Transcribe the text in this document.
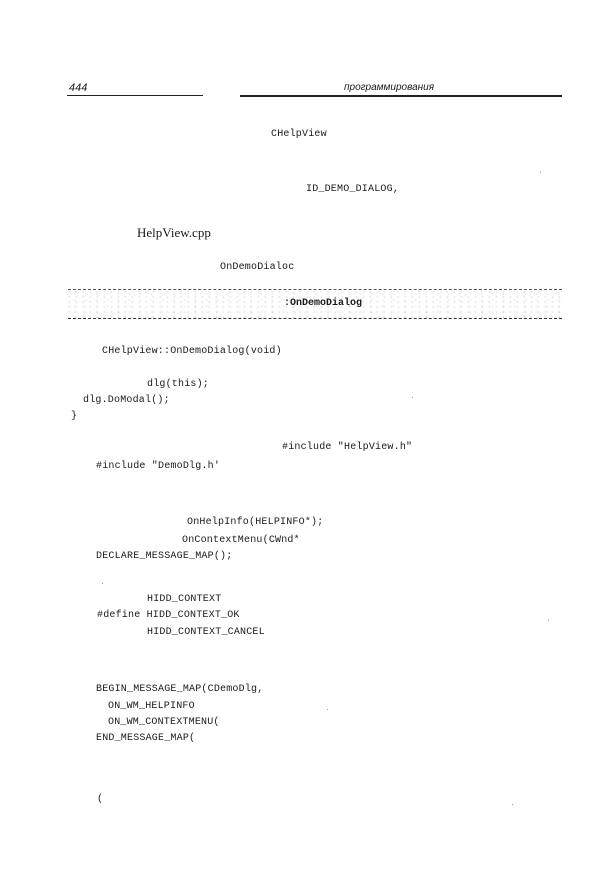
444	программирования
CHelpView
ID_DEMO_DIALOG,
HelpView.cpp
OnDemoDialoc
:OnDemoDialog
CHelpView::OnDemoDialog(void)
dlg(this);
dlg.DoModal();
}
#include "HelpView.h"
#include "DemoDlg.h'
OnHelpInfo(HELPINFO*);
OnContextMenu(CWnd*
DECLARE_MESSAGE_MAP();
HIDD_CONTEXT
#define HIDD_CONTEXT_OK
HIDD_CONTEXT_CANCEL
BEGIN_MESSAGE_MAP(CDemoDlg,
ON_WM_HELPINFO
ON_WM_CONTEXTMENU(
END_MESSAGE_MAP(
(
